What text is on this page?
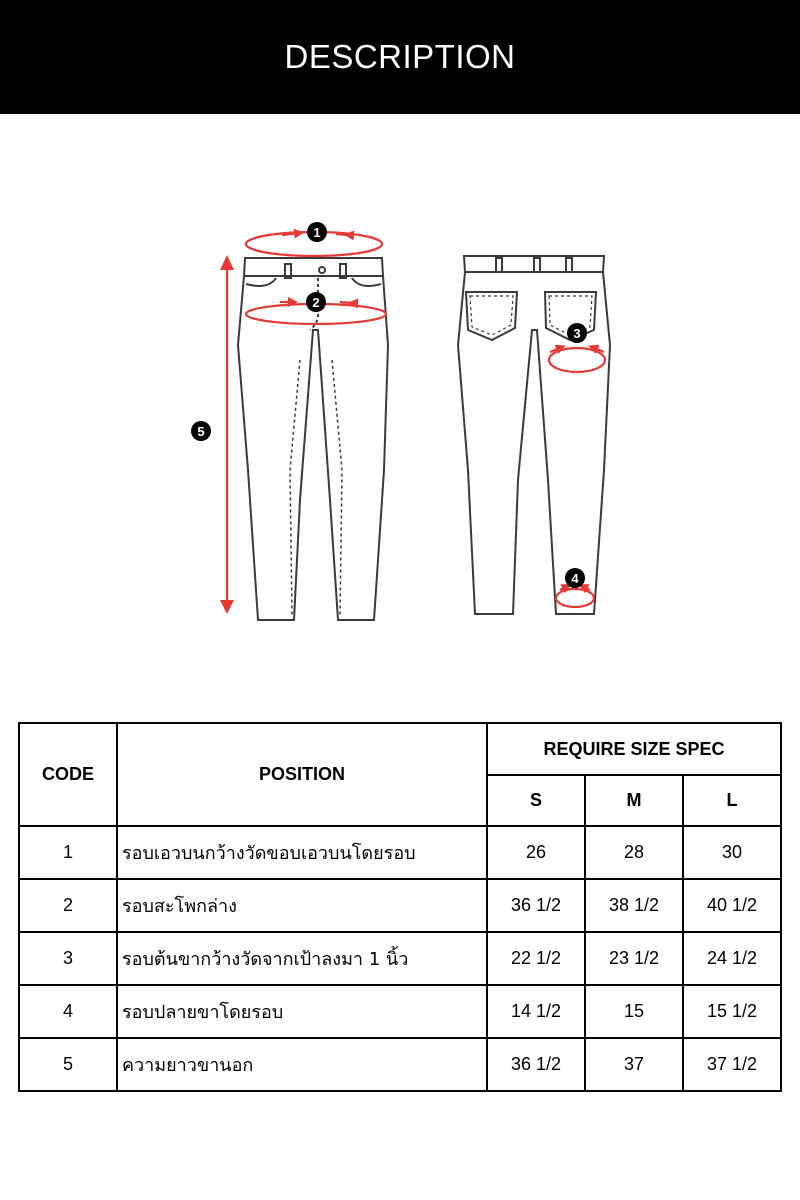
DESCRIPTION
1
2
3
4
5
CODE	POSITION	REQUIRE SIZE SPEC		
		S	M	L
1	รอบเอวบนกว้างวัดขอบเอวบนโดยรอบ	26	28	30
2	รอบสะโพกล่าง	36 1/2	38 1/2	40 1/2
3	รอบต้นขากว้างวัดจากเป้าลงมา 1 นิ้ว	22 1/2	23 1/2	24 1/2
4	รอบปลายขาโดยรอบ	14 1/2	15	15 1/2
5	ความยาวขานอก	36 1/2	37	37 1/2
